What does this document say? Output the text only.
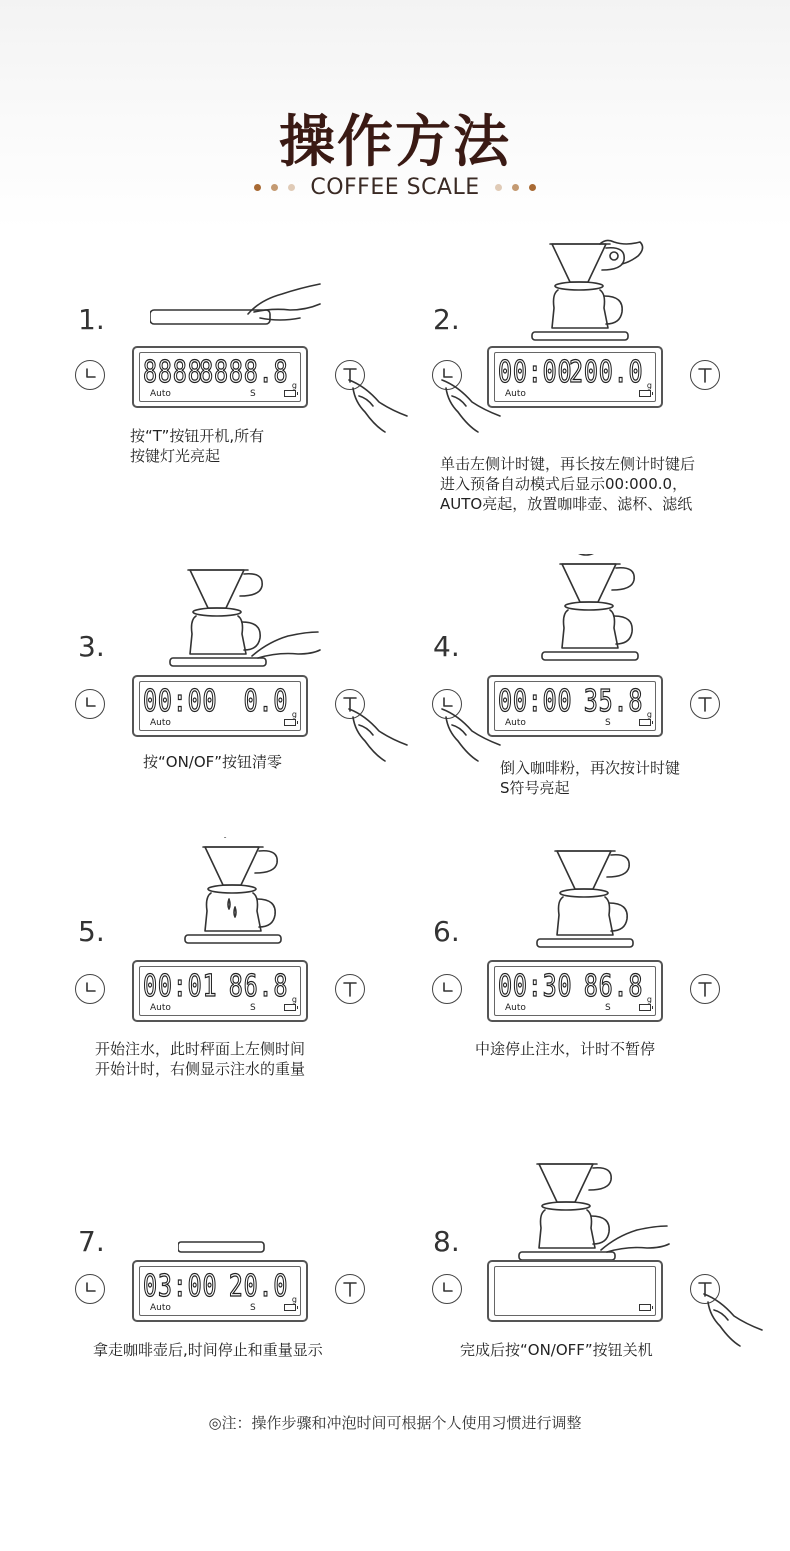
操作方法
COFFEE SCALE
1.
8888
8888.8 g
Auto	S
按“T”按钮开机,所有
按键灯光亮起
2.
00:00
200.0 g
Auto
单击左侧计时键，再长按左侧计时键后
进入预备自动模式后显示00:000.0，
AUTO亮起，放置咖啡壶、滤杯、滤纸
3.
00:00 0.0 g
Auto
按“ON/OF”按钮清零
4.
00:00 35.8 g
Auto	S
倒入咖啡粉，再次按计时键
S符号亮起
5.
00:01 86.8 g
Auto	S
开始注水，此时秤面上左侧时间
开始计时，右侧显示注水的重量
6.
00:30 86.8 g
Auto	S
中途停止注水，计时不暂停
7.
03:00 20.0 g
Auto	S
拿走咖啡壶后,时间停止和重量显示
8.
完成后按“ON/OFF”按钮关机
◎注：操作步骤和冲泡时间可根据个人使用习惯进行调整
